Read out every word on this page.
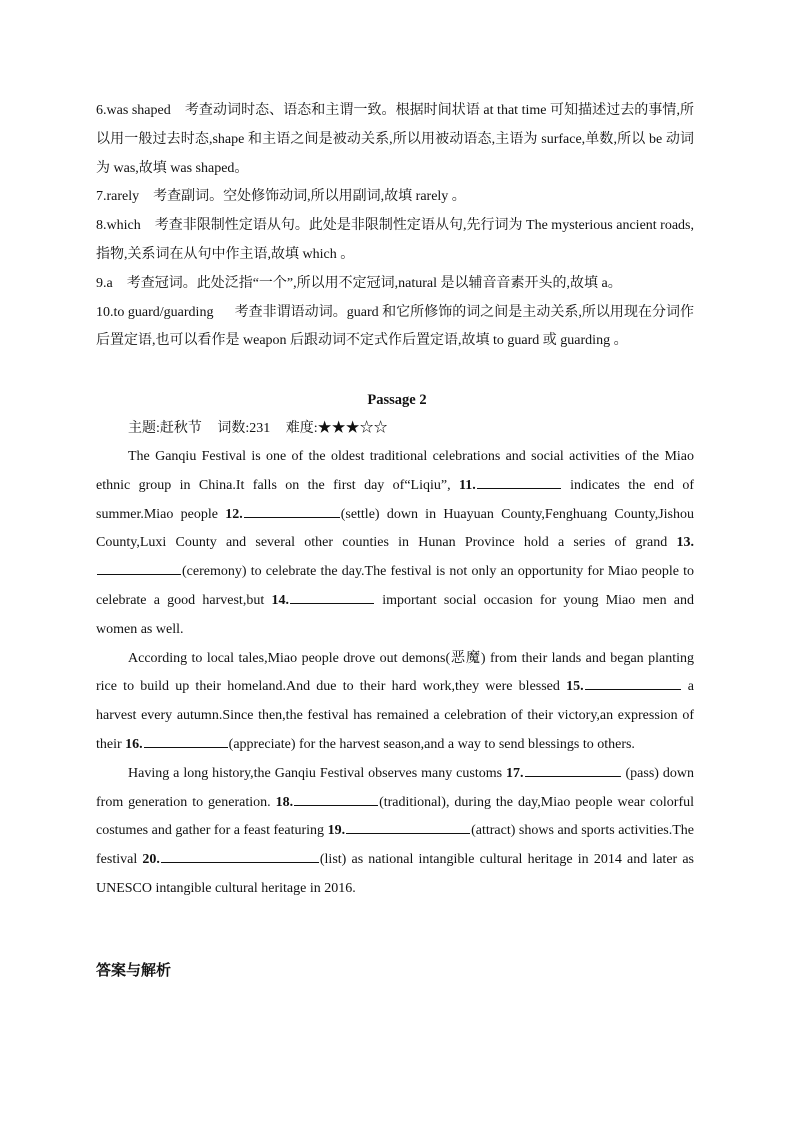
6.was shaped 考查动词时态、语态和主谓一致。根据时间状语 at that time 可知描述过去的事情,所以用一般过去时态,shape 和主语之间是被动关系,所以用被动语态,主语为 surface,单数,所以 be 动词为 was,故填 was shaped。

7.rarely 考查副词。空处修饰动词,所以用副词,故填 rarely 。

8.which 考查非限制性定语从句。此处是非限制性定语从句,先行词为 The mysterious ancient roads,指物,关系词在从句中作主语,故填 which 。

9.a 考查冠词。此处泛指“一个”,所以用不定冠词,natural 是以辅音音素开头的,故填 a。

10.to guard/guarding 考查非谓语动词。guard 和它所修饰的词之间是主动关系,所以用现在分词作后置定语,也可以看作是 weapon 后跟动词不定式作后置定语,故填 to guard 或 guarding 。

Passage 2

主题:赶秋节 词数:231 难度:★★★☆☆

The Ganqiu Festival is one of the oldest traditional celebrations and social activities of the Miao ethnic group in China.It falls on the first day of“Liqiu”, 11.	indicates the end of summer.Miao people 12.	(settle) down in Huayuan County,Fenghuang County,Jishou County,Luxi County and several other counties in Hunan Province hold a series of grand 13.(ceremony) to celebrate the day.The festival is not only an opportunity for Miao people to celebrate a good harvest,but 14.	important social occasion for young Miao men and women as well.

According to local tales,Miao people drove out demons(恶魔) from their lands and began planting rice to build up their homeland.And due to their hard work,they were blessed 15.	a harvest every autumn.Since then,the festival has remained a celebration of their victory,an expression of their 16.	(appreciate) for the harvest season,and a way to send blessings to others.

Having a long history,the Ganqiu Festival observes many customs 17.	(pass) down from generation to generation. 18.	(traditional), during the day,Miao people wear colorful costumes and gather for a feast featuring 19.	(attract) shows and sports activities.The festival 20.	(list) as national intangible cultural heritage in 2014 and later as UNESCO intangible cultural heritage in 2016.

答案与解析
